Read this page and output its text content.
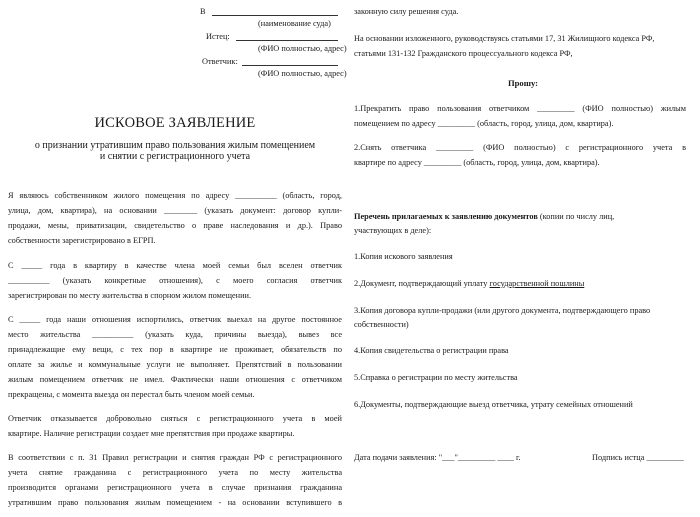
В
(наименование суда)
Истец:
(ФИО полностью, адрес)
Ответчик:
(ФИО полностью, адрес)
ИСКОВОЕ ЗАЯВЛЕНИЕ
о признании утратившим право пользования жилым помещением
и снятии с регистрационного учета
Я являюсь собственником жилого помещения по адресу __________ (область, город,
улица, дом, квартира), на основании ________ (указать документ: договор купли-
продажи, мены, приватизации, свидетельство о праве наследования и др.). Право
собственности зарегистрировано в ЕГРП.
С _____ года в квартиру в качестве члена моей семьи был вселен ответчик
__________ (указать конкретные отношения), с моего согласия ответчик
зарегистрирован по месту жительства в спорном жилом помещении.
С _____ года наши отношения испортились, ответчик выехал на другое постоянное
место жительства __________ (указать куда, причины выезда), вывез все
принадлежащие ему вещи, с тех пор в квартире не проживает, обязательств по
оплате за жилье и коммунальные услуги не выполняет. Препятствий в пользовании
жилым помещением ответчик не имел. Фактически наши отношения с ответчиком
прекращены, с момента выезда он перестал быть членом моей семьи.
Ответчик отказывается добровольно сняться с регистрационного учета в моей
квартире. Наличие регистрации создает мне препятствия при продаже квартиры.
В соответствии с п. 31 Правил регистрации и снятия граждан РФ с регистрационного
учета снятие гражданина с регистрационного учета по месту жительства
производится органами регистрационного учета в случае признания гражданина
утратившим право пользования жилым помещением - на основании вступившего в
законную силу решения суда.
На основании изложенного, руководствуясь статьями 17, 31 Жилищного кодекса РФ,
статьями 131-132 Гражданского процессуального кодекса РФ,
Прошу:
1.Прекратить право пользования ответчиком _________ (ФИО полностью) жилым
помещением по адресу _________ (область, город, улица, дом, квартира).
2.Снять ответчика _________ (ФИО полностью) с регистрационного учета в
квартире по адресу _________ (область, город, улица, дом, квартира).
Перечень прилагаемых к заявлению документов (копии по числу лиц,
участвующих в деле):
1.Копия искового заявления
2.Документ, подтверждающий уплату государственной пошлины
3.Копия договора купли-продажи (или другого документа, подтверждающего право
собственности)
4.Копия свидетельства о регистрации права
5.Справка о регистрации по месту жительства
6.Документы, подтверждающие выезд ответчика, утрату семейных отношений
Дата подачи заявления: "___"_________ ____ г.	Подпись истца _________
